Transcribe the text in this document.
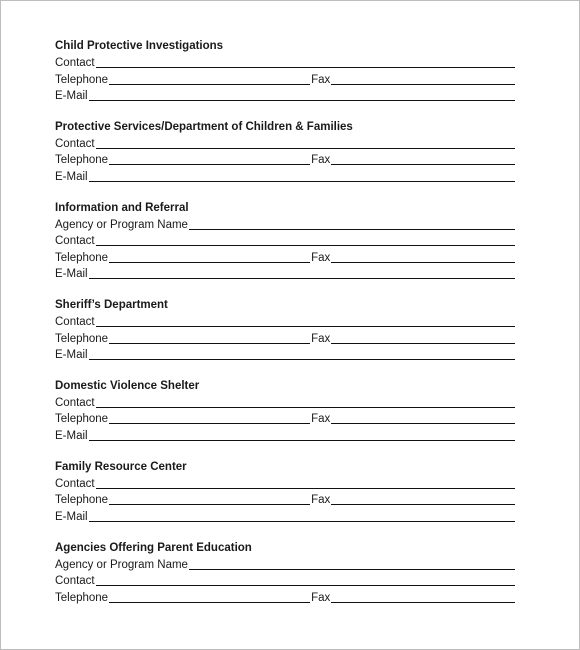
Child Protective Investigations
Contact
Telephone	Fax
E-Mail
Protective Services/Department of Children & Families
Contact
Telephone	Fax
E-Mail
Information and Referral
Agency or Program Name
Contact
Telephone	Fax
E-Mail
Sheriff’s Department
Contact
Telephone	Fax
E-Mail
Domestic Violence Shelter
Contact
Telephone	Fax
E-Mail
Family Resource Center
Contact
Telephone	Fax
E-Mail
Agencies Offering Parent Education
Agency or Program Name
Contact
Telephone	Fax
